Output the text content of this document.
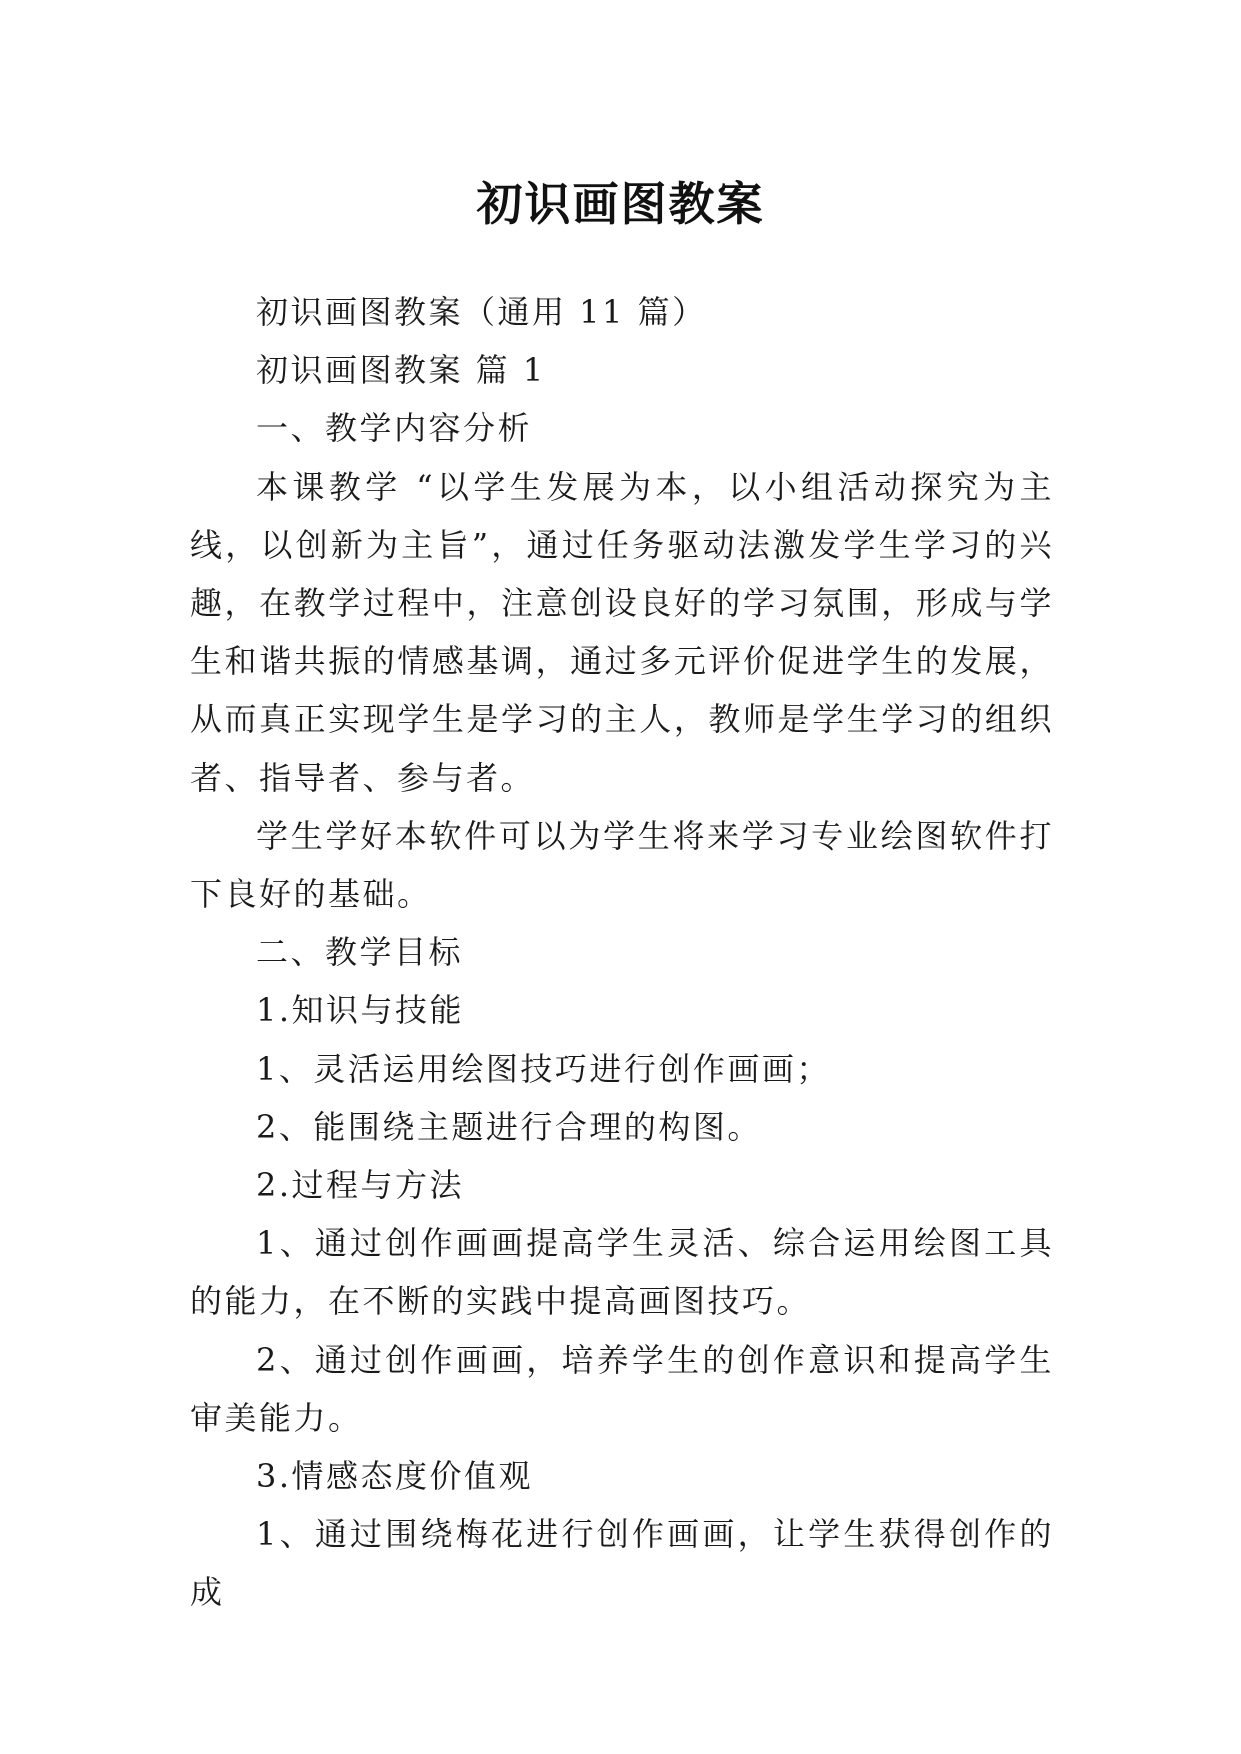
初识画图教案

初识画图教案（通用 11 篇）

初识画图教案 篇 1

一、教学内容分析

本课教学 “以学生发展为本，以小组活动探究为主线，以创新为主旨”，通过任务驱动法激发学生学习的兴趣，在教学过程中，注意创设良好的学习氛围，形成与学生和谐共振的情感基调，通过多元评价促进学生的发展，从而真正实现学生是学习的主人，教师是学生学习的组织者、指导者、参与者。

学生学好本软件可以为学生将来学习专业绘图软件打下良好的基础。

二、教学目标

1.知识与技能

1、灵活运用绘图技巧进行创作画画；

2、能围绕主题进行合理的构图。

2.过程与方法

1、通过创作画画提高学生灵活、综合运用绘图工具的能力，在不断的实践中提高画图技巧。

2、通过创作画画，培养学生的创作意识和提高学生审美能力。

3.情感态度价值观

1、通过围绕梅花进行创作画画，让学生获得创作的成
